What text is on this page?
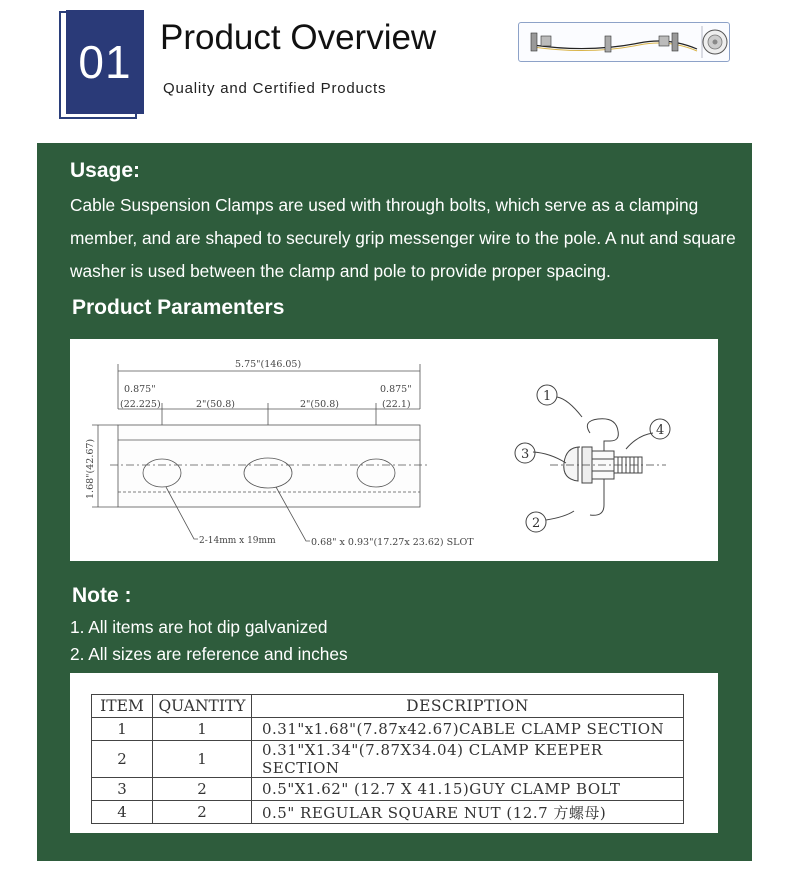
01 Product Overview
Quality and Certified Products
Usage:

Cable Suspension Clamps are used with through bolts, which serve as a clamping member, and are shaped to securely grip messenger wire to the pole. A nut and square washer is used between the clamp and pole to provide proper spacing.

Product Paramenters
5.75"(146.05)
0.875"
(22.225)	2"(50.8)	2"(50.8)
0.875"
(22.1)
1.68"(42.67)
2-14mm x 19mm	0.68" x 0.93"(17.27x 23.62) SLOT
1
3
4
2
Note :
1. All items are hot dip galvanized
2. All sizes are reference and inches
ITEM	QUANTITY	DESCRIPTION
1	1	0.31"x1.68"(7.87x42.67)CABLE CLAMP SECTION
2	1	0.31"X1.34"(7.87X34.04) CLAMP KEEPER SECTION
3	2	0.5"X1.62" (12.7 X 41.15)GUY CLAMP BOLT
4	2	0.5" REGULAR SQUARE NUT (12.7 方螺母)
